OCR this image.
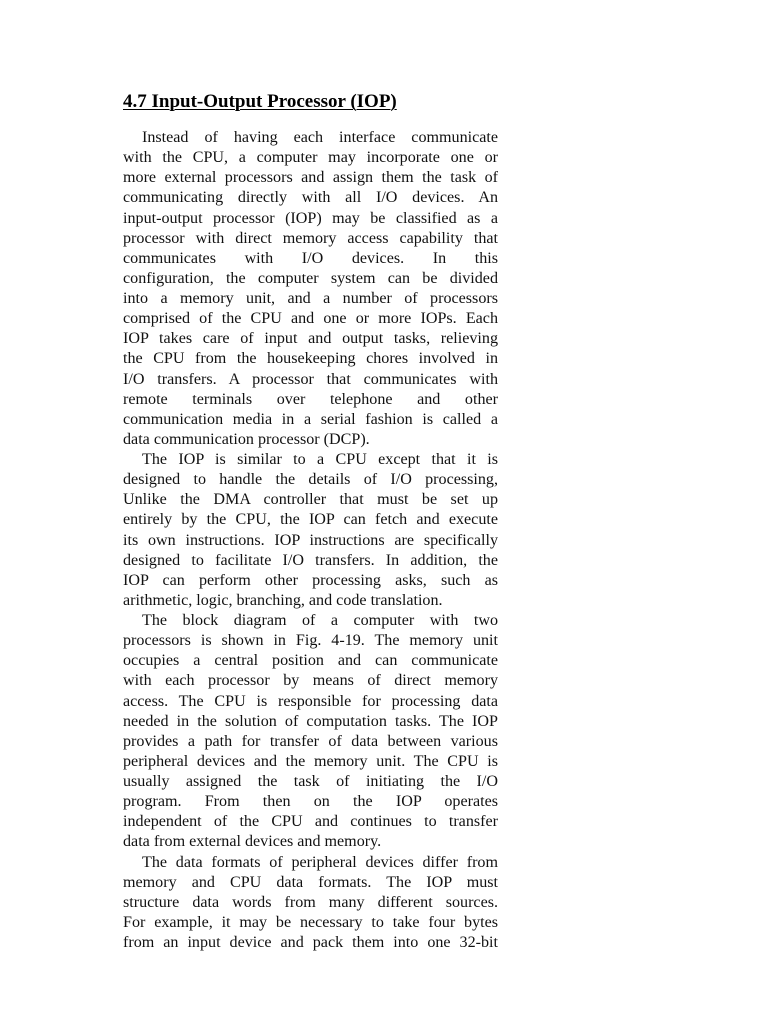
4.7 Input-Output Processor (IOP)

Instead of having each interface communicate
with the CPU, a computer may incorporate one or
more external processors and assign them the task of
communicating directly with all I/O devices. An
input-output processor (IOP) may be classified as a
processor with direct memory access capability that
communicates with I/O devices. In this
configuration, the computer system can be divided
into a memory unit, and a number of processors
comprised of the CPU and one or more IOPs. Each
IOP takes care of input and output tasks, relieving
the CPU from the housekeeping chores involved in
I/O transfers. A processor that communicates with
remote terminals over telephone and other
communication media in a serial fashion is called a
data communication processor (DCP).

The IOP is similar to a CPU except that it is
designed to handle the details of I/O processing,
Unlike the DMA controller that must be set up
entirely by the CPU, the IOP can fetch and execute
its own instructions. IOP instructions are specifically
designed to facilitate I/O transfers. In addition, the
IOP can perform other processing asks, such as
arithmetic, logic, branching, and code translation.

The block diagram of a computer with two
processors is shown in Fig. 4-19. The memory unit
occupies a central position and can communicate
with each processor by means of direct memory
access. The CPU is responsible for processing data
needed in the solution of computation tasks. The IOP
provides a path for transfer of data between various
peripheral devices and the memory unit. The CPU is
usually assigned the task of initiating the I/O
program. From then on the IOP operates
independent of the CPU and continues to transfer
data from external devices and memory.

The data formats of peripheral devices differ from
memory and CPU data formats. The IOP must
structure data words from many different sources.
For example, it may be necessary to take four bytes
from an input device and pack them into one 32-bit
